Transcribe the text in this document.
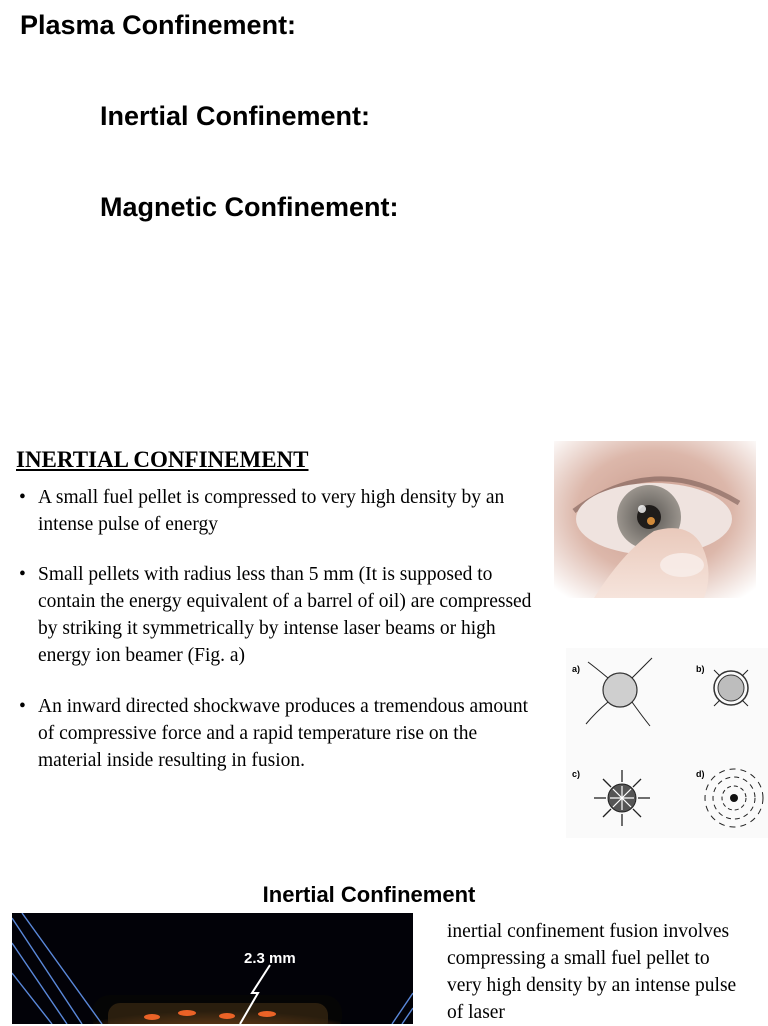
Plasma Confinement:
Inertial Confinement:
Magnetic Confinement:
INERTIAL CONFINEMENT
• A small fuel pellet is compressed to very high density by an intense pulse of energy
• Small pellets with radius less than 5 mm (It is supposed to contain the energy equivalent of a barrel of oil) are compressed by striking it symmetrically by intense laser beams or high energy ion beamer (Fig. a)
• An inward directed shockwave produces a tremendous amount of compressive force and a rapid temperature rise on the material inside resulting in fusion.
a)	b)
c)	d)
Inertial Confinement
2.3 mm
inertial confinement fusion involves compressing a small fuel pellet to very high density by an intense pulse of laser
